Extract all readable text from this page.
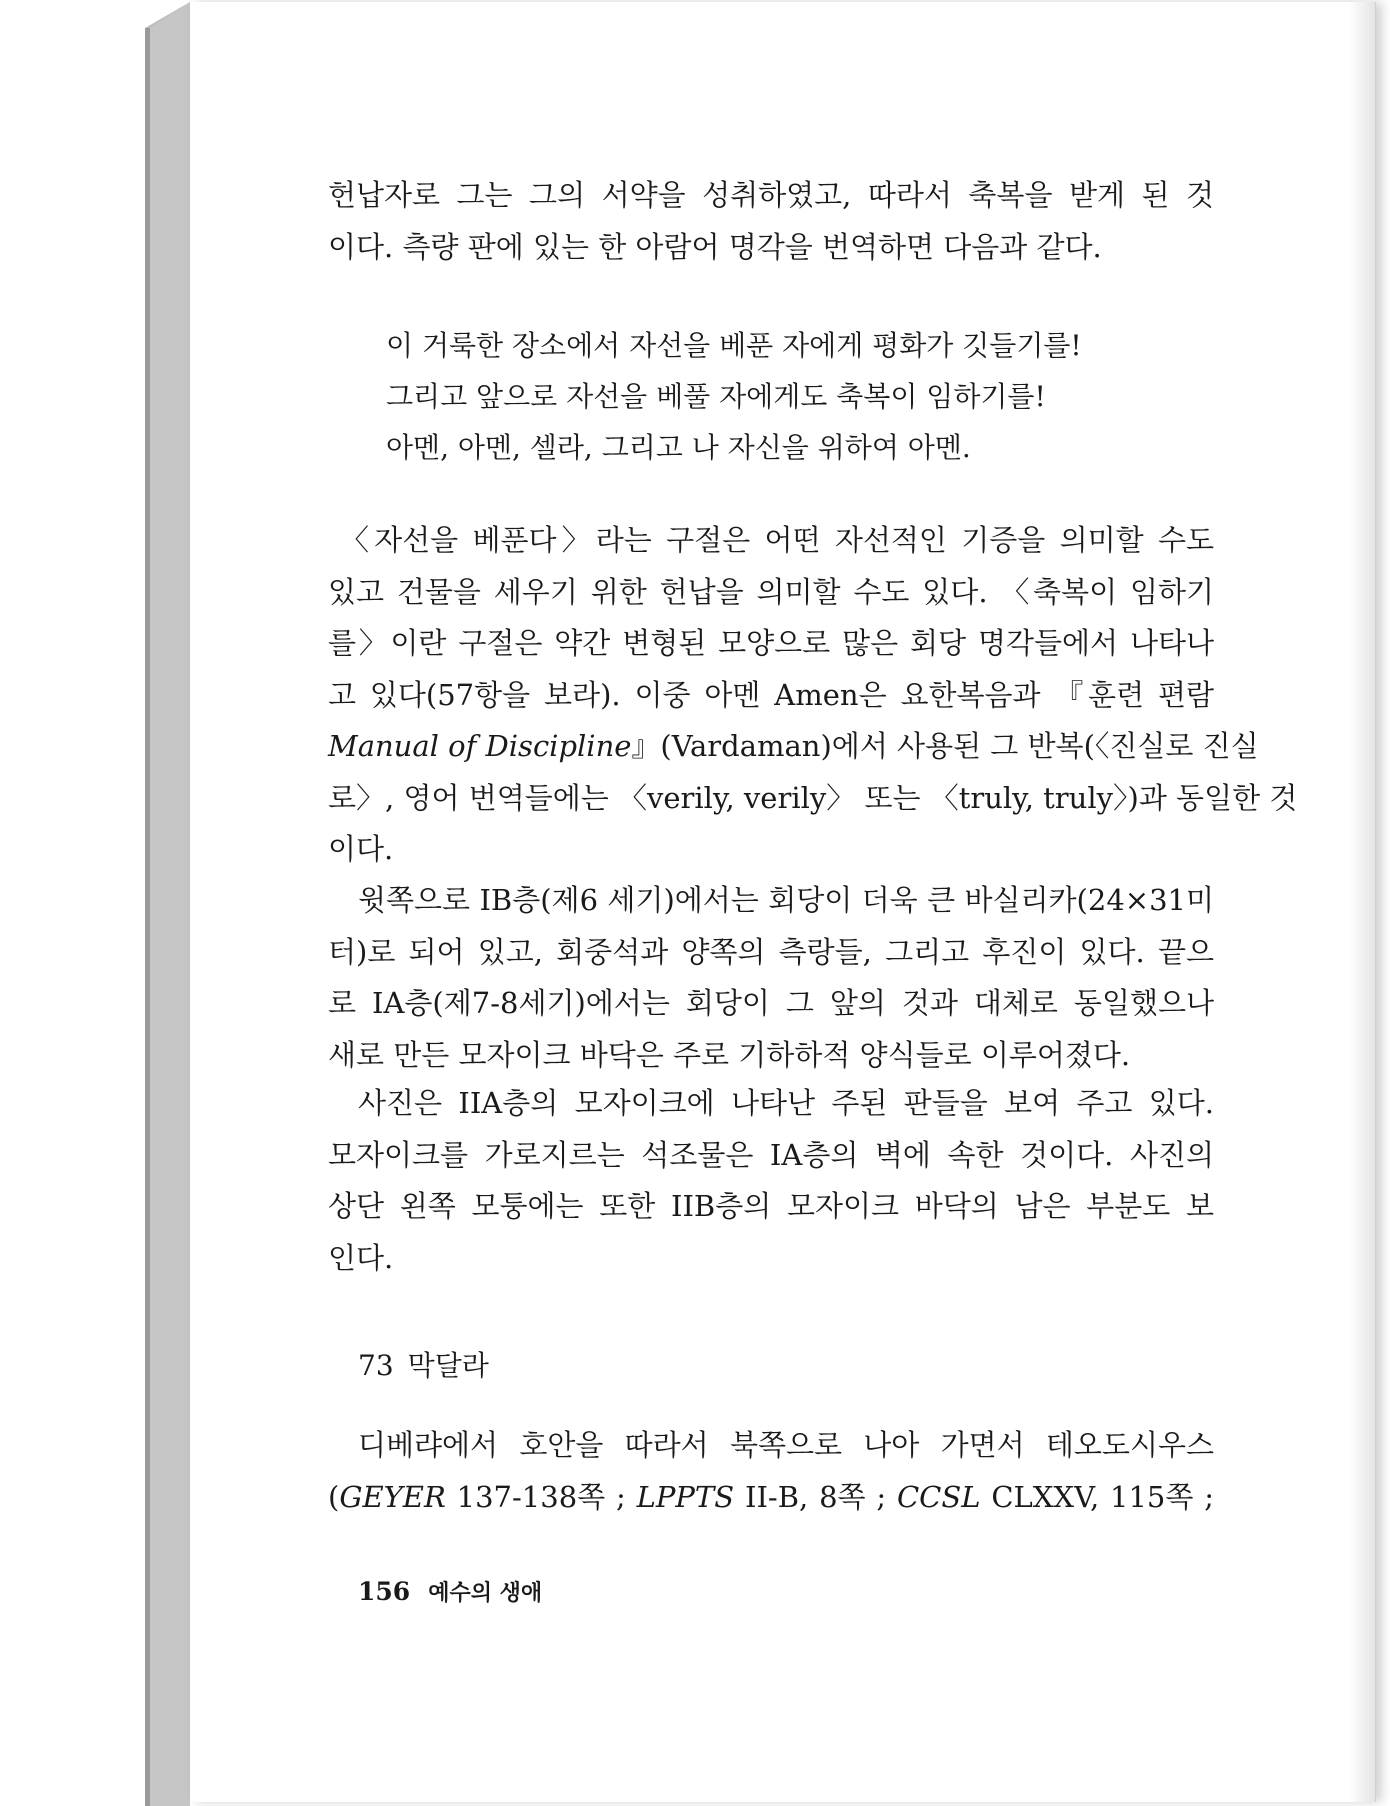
헌납자로 그는 그의 서약을 성취하였고, 따라서 축복을 받게 된 것
이다. 측량 판에 있는 한 아람어 명각을 번역하면 다음과 같다.
이 거룩한 장소에서 자선을 베푼 자에게 평화가 깃들기를!
그리고 앞으로 자선을 베풀 자에게도 축복이 임하기를!
아멘, 아멘, 셀라, 그리고 나 자신을 위하여 아멘.
〈자선을 베푼다〉라는 구절은 어떤 자선적인 기증을 의미할 수도
있고 건물을 세우기 위한 헌납을 의미할 수도 있다. 〈축복이 임하기
를〉이란 구절은 약간 변형된 모양으로 많은 회당 명각들에서 나타나
고 있다(57항을 보라). 이중 아멘 Amen은 요한복음과 『훈련 편람
Manual of Discipline』(Vardaman)에서 사용된 그 반복(〈진실로 진실
로〉, 영어 번역들에는 〈verily, verily〉 또는 〈truly, truly〉)과 동일한 것
이다.
윗쪽으로 IB층(제6 세기)에서는 회당이 더욱 큰 바실리카(24×31미
터)로 되어 있고, 회중석과 양쪽의 측랑들, 그리고 후진이 있다. 끝으
로 IA층(제7-8세기)에서는 회당이 그 앞의 것과 대체로 동일했으나
새로 만든 모자이크 바닥은 주로 기하하적 양식들로 이루어졌다.
사진은 IIA층의 모자이크에 나타난 주된 판들을 보여 주고 있다.
모자이크를 가로지르는 석조물은 IA층의 벽에 속한 것이다. 사진의
상단 왼쪽 모퉁에는 또한 IIB층의 모자이크 바닥의 남은 부분도 보
인다.
73 막달라
디베랴에서 호안을 따라서 북쪽으로 나아 가면서 테오도시우스
(GEYER 137-138쪽 ; LPPTS II-B, 8쪽 ; CCSL CLXXV, 115쪽 ;
156 예수의 생애
